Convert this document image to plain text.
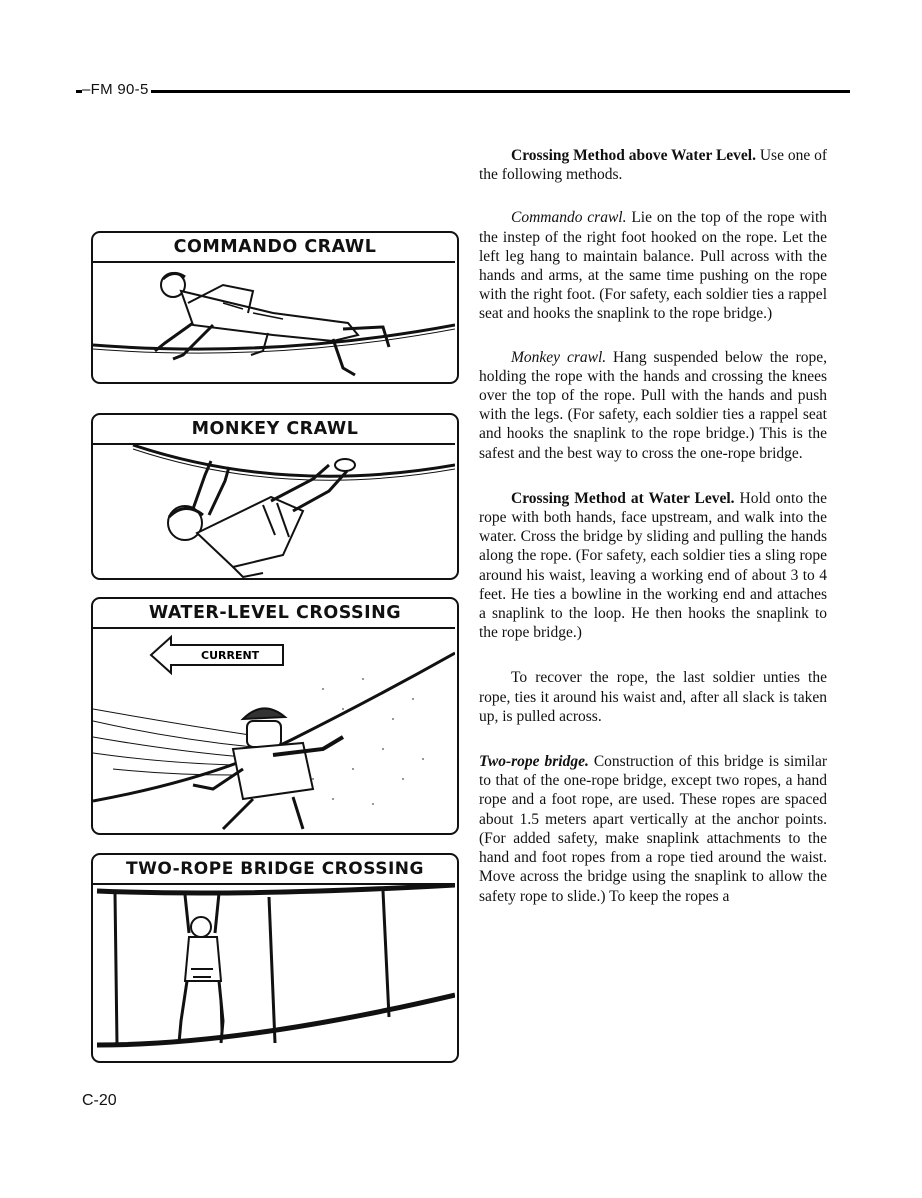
–FM 90-5
COMMANDO CRAWL
MONKEY CRAWL
WATER-LEVEL CROSSING
CURRENT
TWO-ROPE BRIDGE CROSSING

Crossing Method above Water Level. Use one of the following methods.

Commando crawl. Lie on the top of the rope with the instep of the right foot hooked on the rope. Let the left leg hang to maintain balance. Pull across with the hands and arms, at the same time pushing on the rope with the right foot. (For safety, each soldier ties a rappel seat and hooks the snaplink to the rope bridge.)

Monkey crawl. Hang suspended below the rope, holding the rope with the hands and crossing the knees over the top of the rope. Pull with the hands and push with the legs. (For safety, each soldier ties a rappel seat and hooks the snaplink to the rope bridge.) This is the safest and the best way to cross the one-rope bridge.

Crossing Method at Water Level. Hold onto the rope with both hands, face upstream, and walk into the water. Cross the bridge by sliding and pulling the hands along the rope. (For safety, each soldier ties a sling rope around his waist, leaving a working end of about 3 to 4 feet. He ties a bowline in the working end and attaches a snaplink to the loop. He then hooks the snaplink to the rope bridge.)

To recover the rope, the last soldier unties the rope, ties it around his waist and, after all slack is taken up, is pulled across.

Two-rope bridge. Construction of this bridge is similar to that of the one-rope bridge, except two ropes, a hand rope and a foot rope, are used. These ropes are spaced about 1.5 meters apart vertically at the anchor points. (For added safety, make snaplink attachments to the hand and foot ropes from a rope tied around the waist. Move across the bridge using the snaplink to allow the safety rope to slide.) To keep the ropes a

C-20
